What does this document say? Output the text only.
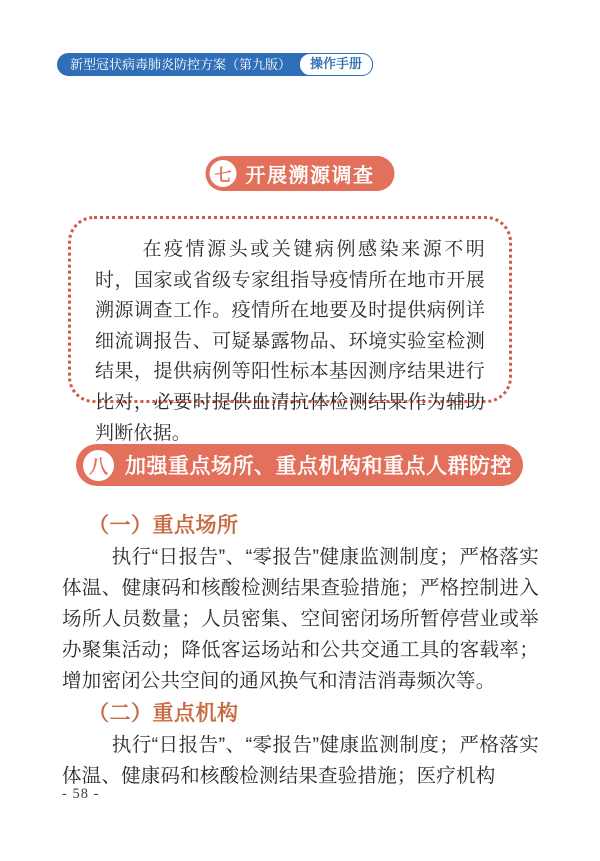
新型冠状病毒肺炎防控方案（第九版）	操作手册
七 开展溯源调查

在疫情源头或关键病例感染来源不明时，国家或省级专家组指导疫情所在地市开展溯源调查工作。疫情所在地要及时提供病例详细流调报告、可疑暴露物品、环境实验室检测结果，提供病例等阳性标本基因测序结果进行比对，必要时提供血清抗体检测结果作为辅助判断依据。

八 加强重点场所、重点机构和重点人群防控
（一）重点场所

执行“日报告”、“零报告”健康监测制度；严格落实体温、健康码和核酸检测结果查验措施；严格控制进入场所人员数量；人员密集、空间密闭场所暂停营业或举办聚集活动；降低客运场站和公共交通工具的客载率；增加密闭公共空间的通风换气和清洁消毒频次等。

（二）重点机构

执行“日报告”、“零报告”健康监测制度；严格落实体温、健康码和核酸检测结果查验措施；医疗机构

- 58 -
